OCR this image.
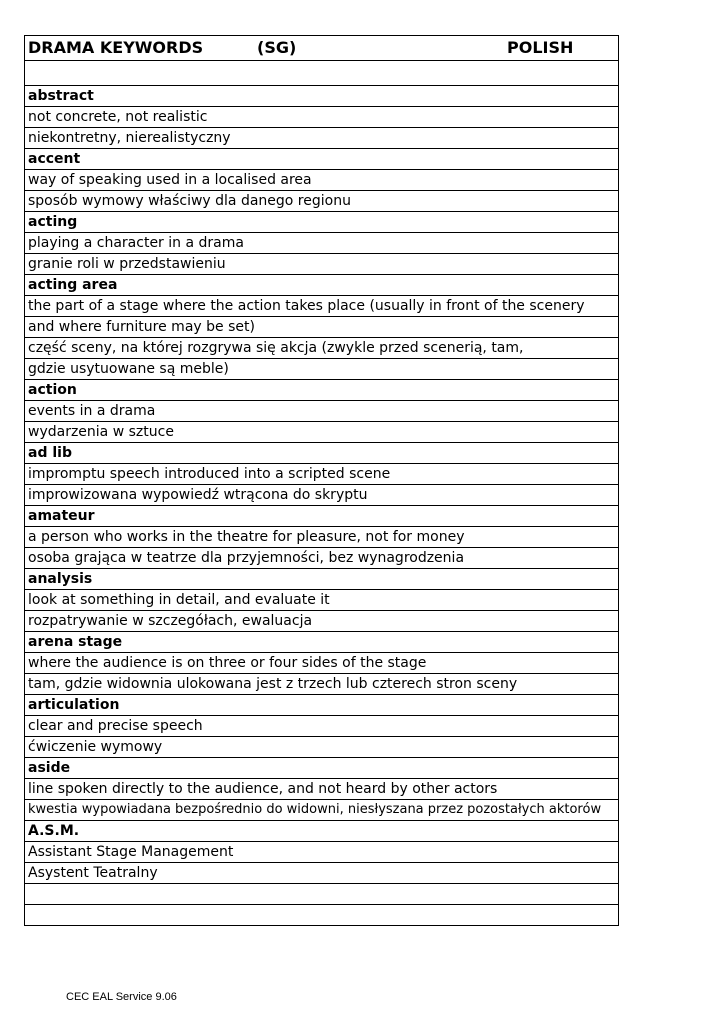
DRAMA KEYWORDS	(SG)	POLISH
abstract
not concrete, not realistic
niekontretny, nierealistyczny
accent
way of speaking used in a localised area
sposób wymowy właściwy dla danego regionu
acting
playing a character in a drama
granie roli w przedstawieniu
acting area
the part of a stage where the action takes place (usually in front of the scenery
and where furniture may be set)
część sceny, na której rozgrywa się akcja (zwykle przed scenerią, tam,
gdzie usytuowane są meble)
action
events in a drama
wydarzenia w sztuce
ad lib
impromptu speech introduced into a scripted scene
improwizowana wypowiedź wtrącona do skryptu
amateur
a person who works in the theatre for pleasure, not for money
osoba grająca w teatrze dla przyjemności, bez wynagrodzenia
analysis
look at something in detail, and evaluate it
rozpatrywanie w szczegółach, ewaluacja
arena stage
where the audience is on three or four sides of the stage
tam, gdzie widownia ulokowana jest z trzech lub czterech stron sceny
articulation
clear and precise speech
ćwiczenie wymowy
aside
line spoken directly to the audience, and not heard by other actors
kwestia wypowiadana bezpośrednio do widowni, niesłyszana przez pozostałych aktorów
A.S.M.
Assistant Stage Management
Asystent Teatralny
CEC EAL Service 9.06
